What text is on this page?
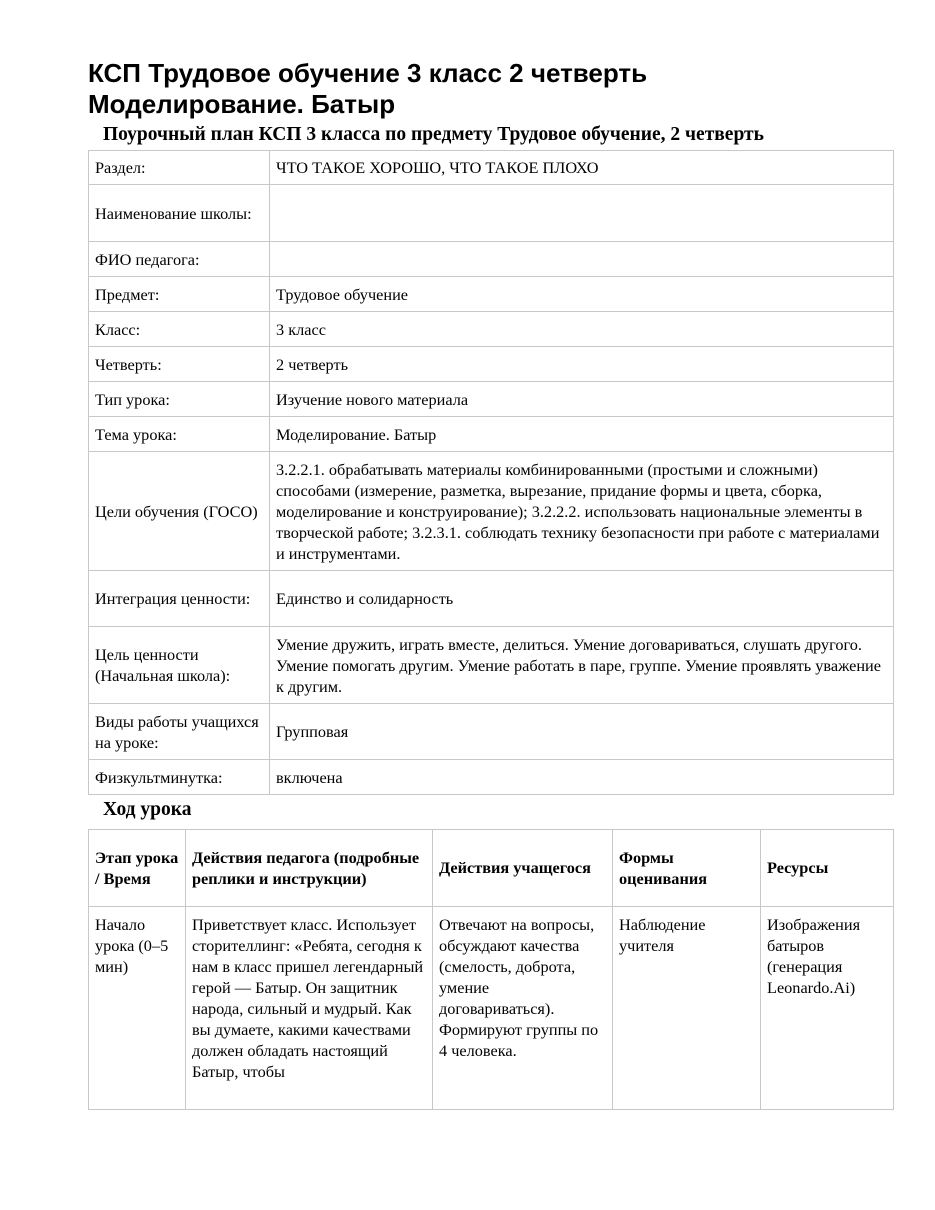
КСП Трудовое обучение 3 класс 2 четверть
Моделирование. Батыр
Поурочный план КСП 3 класса по предмету Трудовое обучение, 2 четверть
Раздел:	ЧТО ТАКОЕ ХОРОШО, ЧТО ТАКОЕ ПЛОХО
Наименование школы:	
ФИО педагога:	
Предмет:	Трудовое обучение
Класс:	3 класс
Четверть:	2 четверть
Тип урока:	Изучение нового материала
Тема урока:	Моделирование. Батыр
Цели обучения (ГОСО)	3.2.2.1. обрабатывать материалы комбинированными (простыми и сложными) способами (измерение, разметка, вырезание, придание формы и цвета, сборка, моделирование и конструирование); 3.2.2.2. использовать национальные элементы в творческой работе; 3.2.3.1. соблюдать технику безопасности при работе с материалами и инструментами.
Интеграция ценности:	Единство и солидарность
Цель ценности (Начальная школа):	Умение дружить, играть вместе, делиться. Умение договариваться, слушать другого. Умение помогать другим. Умение работать в паре, группе. Умение проявлять уважение к другим.
Виды работы учащихся на уроке:	Групповая
Физкультминутка:	включена
Ход урока
Этап урока / Время	Действия педагога (подробные реплики и инструкции)	Действия учащегося	Формы оценивания	Ресурсы
Начало урока (0–5 мин)	Приветствует класс. Использует сторителлинг: «Ребята, сегодня к нам в класс пришел легендарный герой — Батыр. Он защитник народа, сильный и мудрый. Как вы думаете, какими качествами должен обладать настоящий Батыр, чтобы	Отвечают на вопросы, обсуждают качества (смелость, доброта, умение договариваться). Формируют группы по 4 человека.	Наблюдение учителя	Изображения батыров (генерация Leonardo.Ai)
